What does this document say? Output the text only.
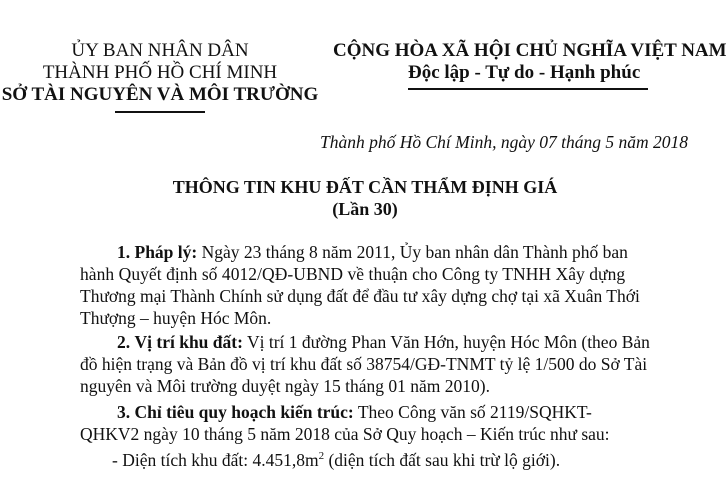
ỦY BAN NHÂN DÂN
THÀNH PHỐ HỒ CHÍ MINH
SỞ TÀI NGUYÊN VÀ MÔI TRƯỜNG
CỘNG HÒA XÃ HỘI CHỦ NGHĨA VIỆT NAM
Độc lập - Tự do - Hạnh phúc
Thành phố Hồ Chí Minh, ngày 07 tháng 5 năm 2018
THÔNG TIN KHU ĐẤT CẦN THẨM ĐỊNH GIÁ
(Lần 30)
1. Pháp lý: Ngày 23 tháng 8 năm 2011, Ủy ban nhân dân Thành phố ban
hành Quyết định số 4012/QĐ-UBND về thuận cho Công ty TNHH Xây dựng
Thương mại Thành Chính sử dụng đất để đầu tư xây dựng chợ tại xã Xuân Thới
Thượng – huyện Hóc Môn.
2. Vị trí khu đất: Vị trí 1 đường Phan Văn Hớn, huyện Hóc Môn (theo Bản
đồ hiện trạng và Bản đồ vị trí khu đất số 38754/GĐ-TNMT tỷ lệ 1/500 do Sở Tài
nguyên và Môi trường duyệt ngày 15 tháng 01 năm 2010).
3. Chỉ tiêu quy hoạch kiến trúc: Theo Công văn số 2119/SQHKT-
QHKV2 ngày 10 tháng 5 năm 2018 của Sở Quy hoạch – Kiến trúc như sau:
- Diện tích khu đất: $4.451,8m^2$ (diện tích đất sau khi trừ lộ giới).
